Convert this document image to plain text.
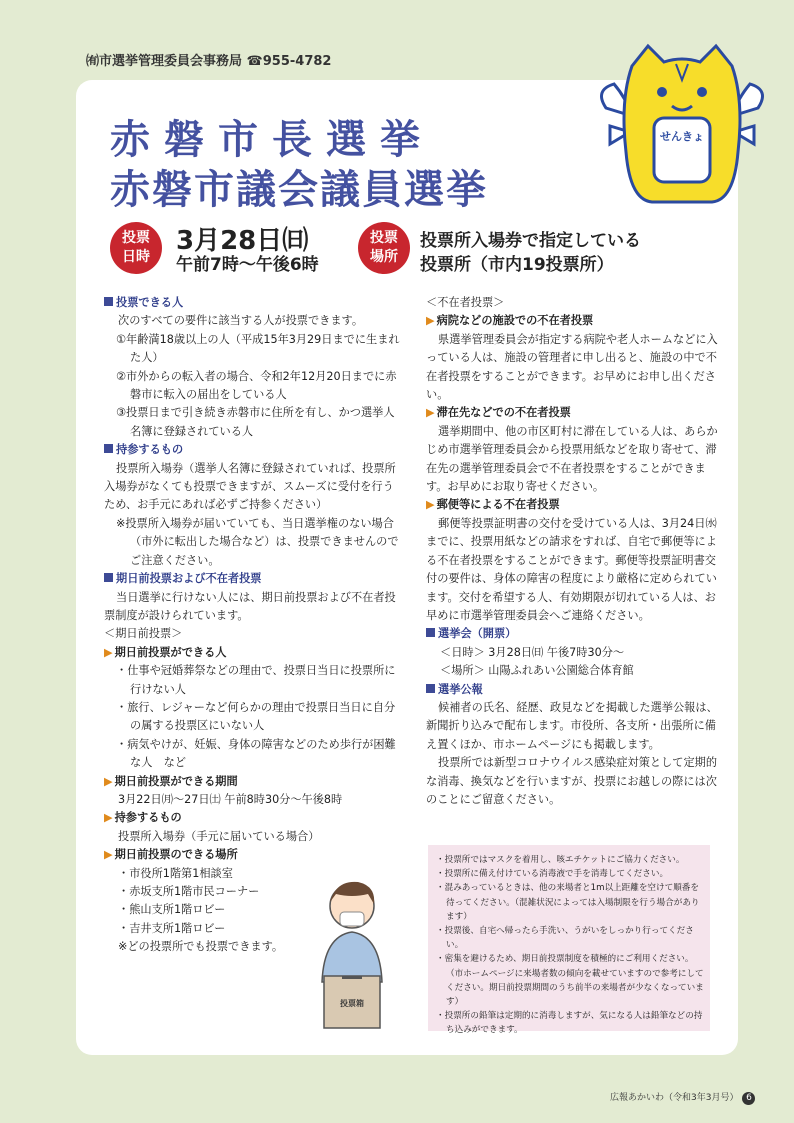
㈲市選挙管理委員会事務局 ☎955-4782
赤磐市長選挙
赤磐市議会議員選挙
せんきょ
投票
日時
3月28日㈰
午前7時〜午後6時
投票
場所
投票所入場券で指定している
投票所（市内19投票所）

投票できる人

次のすべての要件に該当する人が投票できます。

①年齢満18歳以上の人（平成15年3月29日までに生まれた人）

②市外からの転入者の場合、令和2年12月20日までに赤磐市に転入の届出をしている人

③投票日まで引き続き赤磐市に住所を有し、かつ選挙人名簿に登録されている人

持参するもの

投票所入場券（選挙人名簿に登録されていれば、投票所入場券がなくても投票できますが、スムーズに受付を行うため、お手元にあれば必ずご持参ください）

※投票所入場券が届いていても、当日選挙権のない場合（市外に転出した場合など）は、投票できませんのでご注意ください。

期日前投票および不在者投票

当日選挙に行けない人には、期日前投票および不在者投票制度が設けられています。

＜期日前投票＞

▶ 期日前投票ができる人

・仕事や冠婚葬祭などの理由で、投票日当日に投票所に行けない人

・旅行、レジャーなど何らかの理由で投票日当日に自分の属する投票区にいない人

・病気やけが、妊娠、身体の障害などのため歩行が困難な人　など

▶ 期日前投票ができる期間

3月22日㈪〜27日㈯ 午前8時30分〜午後8時

▶ 持参するもの

投票所入場券（手元に届いている場合）

▶ 期日前投票のできる場所

・市役所1階第1相談室

・赤坂支所1階市民コーナー

・熊山支所1階ロビー

・吉井支所1階ロビー

※どの投票所でも投票できます。

＜不在者投票＞

▶ 病院などの施設での不在者投票

県選挙管理委員会が指定する病院や老人ホームなどに入っている人は、施設の管理者に申し出ると、施設の中で不在者投票をすることができます。お早めにお申し出ください。

▶ 滞在先などでの不在者投票

選挙期間中、他の市区町村に滞在している人は、あらかじめ市選挙管理委員会から投票用紙などを取り寄せて、滞在先の選挙管理委員会で不在者投票をすることができます。お早めにお取り寄せください。

▶ 郵便等による不在者投票

郵便等投票証明書の交付を受けている人は、3月24日㈬までに、投票用紙などの請求をすれば、自宅で郵便等による不在者投票をすることができます。郵便等投票証明書交付の要件は、身体の障害の程度により厳格に定められています。交付を希望する人、有効期限が切れている人は、お早めに市選挙管理委員会へご連絡ください。

選挙会（開票）

＜日時＞ 3月28日㈰ 午後7時30分〜

＜場所＞ 山陽ふれあい公園総合体育館

選挙公報

候補者の氏名、経歴、政見などを掲載した選挙公報は、新聞折り込みで配布します。市役所、各支所・出張所に備え置くほか、市ホームページにも掲載します。

投票所では新型コロナウイルス感染症対策として定期的な消毒、換気などを行いますが、投票にお越しの際には次のことにご留意ください。

投票箱

・投票所ではマスクを着用し、咳エチケットにご協力ください。

・投票所に備え付けている消毒液で手を消毒してください。

・混みあっているときは、他の来場者と1m以上距離を空けて順番を待ってください。（混雑状況によっては入場制限を行う場合があります）

・投票後、自宅へ帰ったら手洗い、うがいをしっかり行ってください。

・密集を避けるため、期日前投票制度を積極的にご利用ください。（市ホームページに来場者数の傾向を載せていますので参考にしてください。期日前投票期間のうち前半の来場者が少なくなっています）

・投票所の鉛筆は定期的に消毒しますが、気になる人は鉛筆などの持ち込みができます。

広報あかいわ（令和3年3月号） 6
